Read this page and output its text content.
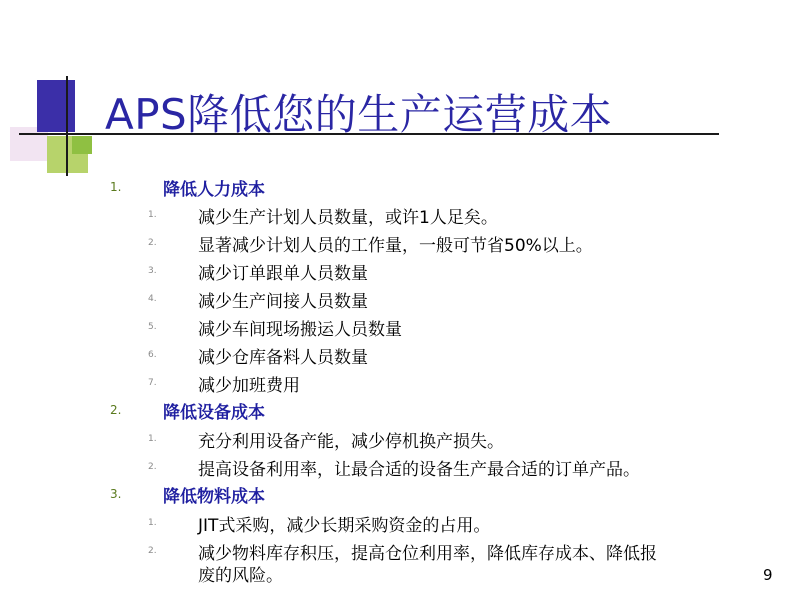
APS降低您的生产运营成本
1. 降低人力成本
1. 减少生产计划人员数量，或许1人足矣。
2. 显著减少计划人员的工作量，一般可节省50%以上。
3. 减少订单跟单人员数量
4. 减少生产间接人员数量
5. 减少车间现场搬运人员数量
6. 减少仓库备料人员数量
7. 减少加班费用
2. 降低设备成本
1. 充分利用设备产能，减少停机换产损失。
2. 提高设备利用率，让最合适的设备生产最合适的订单产品。
3. 降低物料成本
1. JIT式采购，减少长期采购资金的占用。
2. 减少物料库存积压，提高仓位利用率，降低库存成本、降低报
废的风险。	9
